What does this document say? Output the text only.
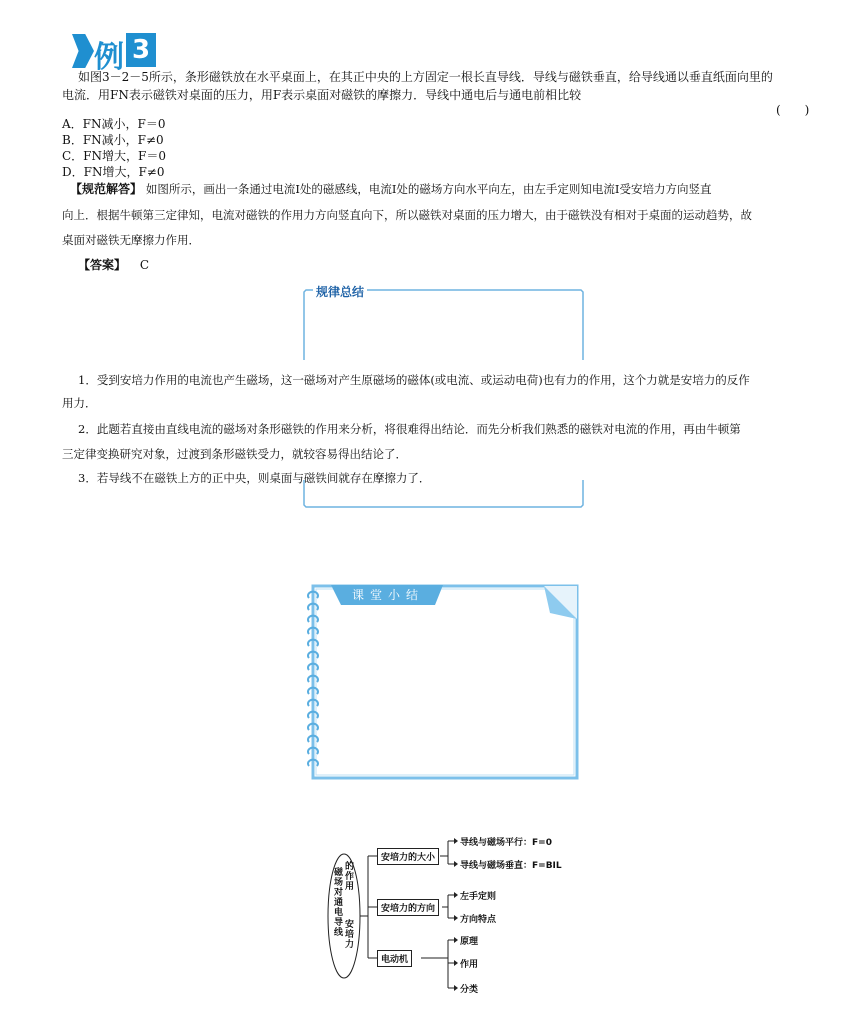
例 3
如图3－2－5所示，条形磁铁放在水平桌面上，在其正中央的上方固定一根长直导线．导线与磁铁垂直，给导线通以垂直纸面向里的
电流．用FN表示磁铁对桌面的压力，用F表示桌面对磁铁的摩擦力．导线中通电后与通电前相比较
(　　)
A．FN减小，F＝0
B．FN减小，F≠0
C．FN增大，F＝0
D．FN增大，F≠0
【规范解答】 如图所示，画出一条通过电流I处的磁感线，电流I处的磁场方向水平向左，由左手定则知电流I受安培力方向竖直
向上．根据牛顿第三定律知，电流对磁铁的作用力方向竖直向下，所以磁铁对桌面的压力增大，由于磁铁没有相对于桌面的运动趋势，故
桌面对磁铁无摩擦力作用．
【答案】 C
规律总结
1．受到安培力作用的电流也产生磁场，这一磁场对产生原磁场的磁体(或电流、或运动电荷)也有力的作用，这个力就是安培力的反作
用力．
2．此题若直接由直线电流的磁场对条形磁铁的作用来分析，将很难得出结论．而先分析我们熟悉的磁铁对电流的作用，再由牛顿第
三定律变换研究对象，过渡到条形磁铁受力，就较容易得出结论了．
3．若导线不在磁铁上方的正中央，则桌面与磁铁间就存在摩擦力了．
课堂小结
磁场对通电导线
的作用
安培力
安培力的大小
安培力的方向
电动机
导线与磁场平行：F=0
导线与磁场垂直：F=BIL
左手定则
方向特点
原理
作用
分类
